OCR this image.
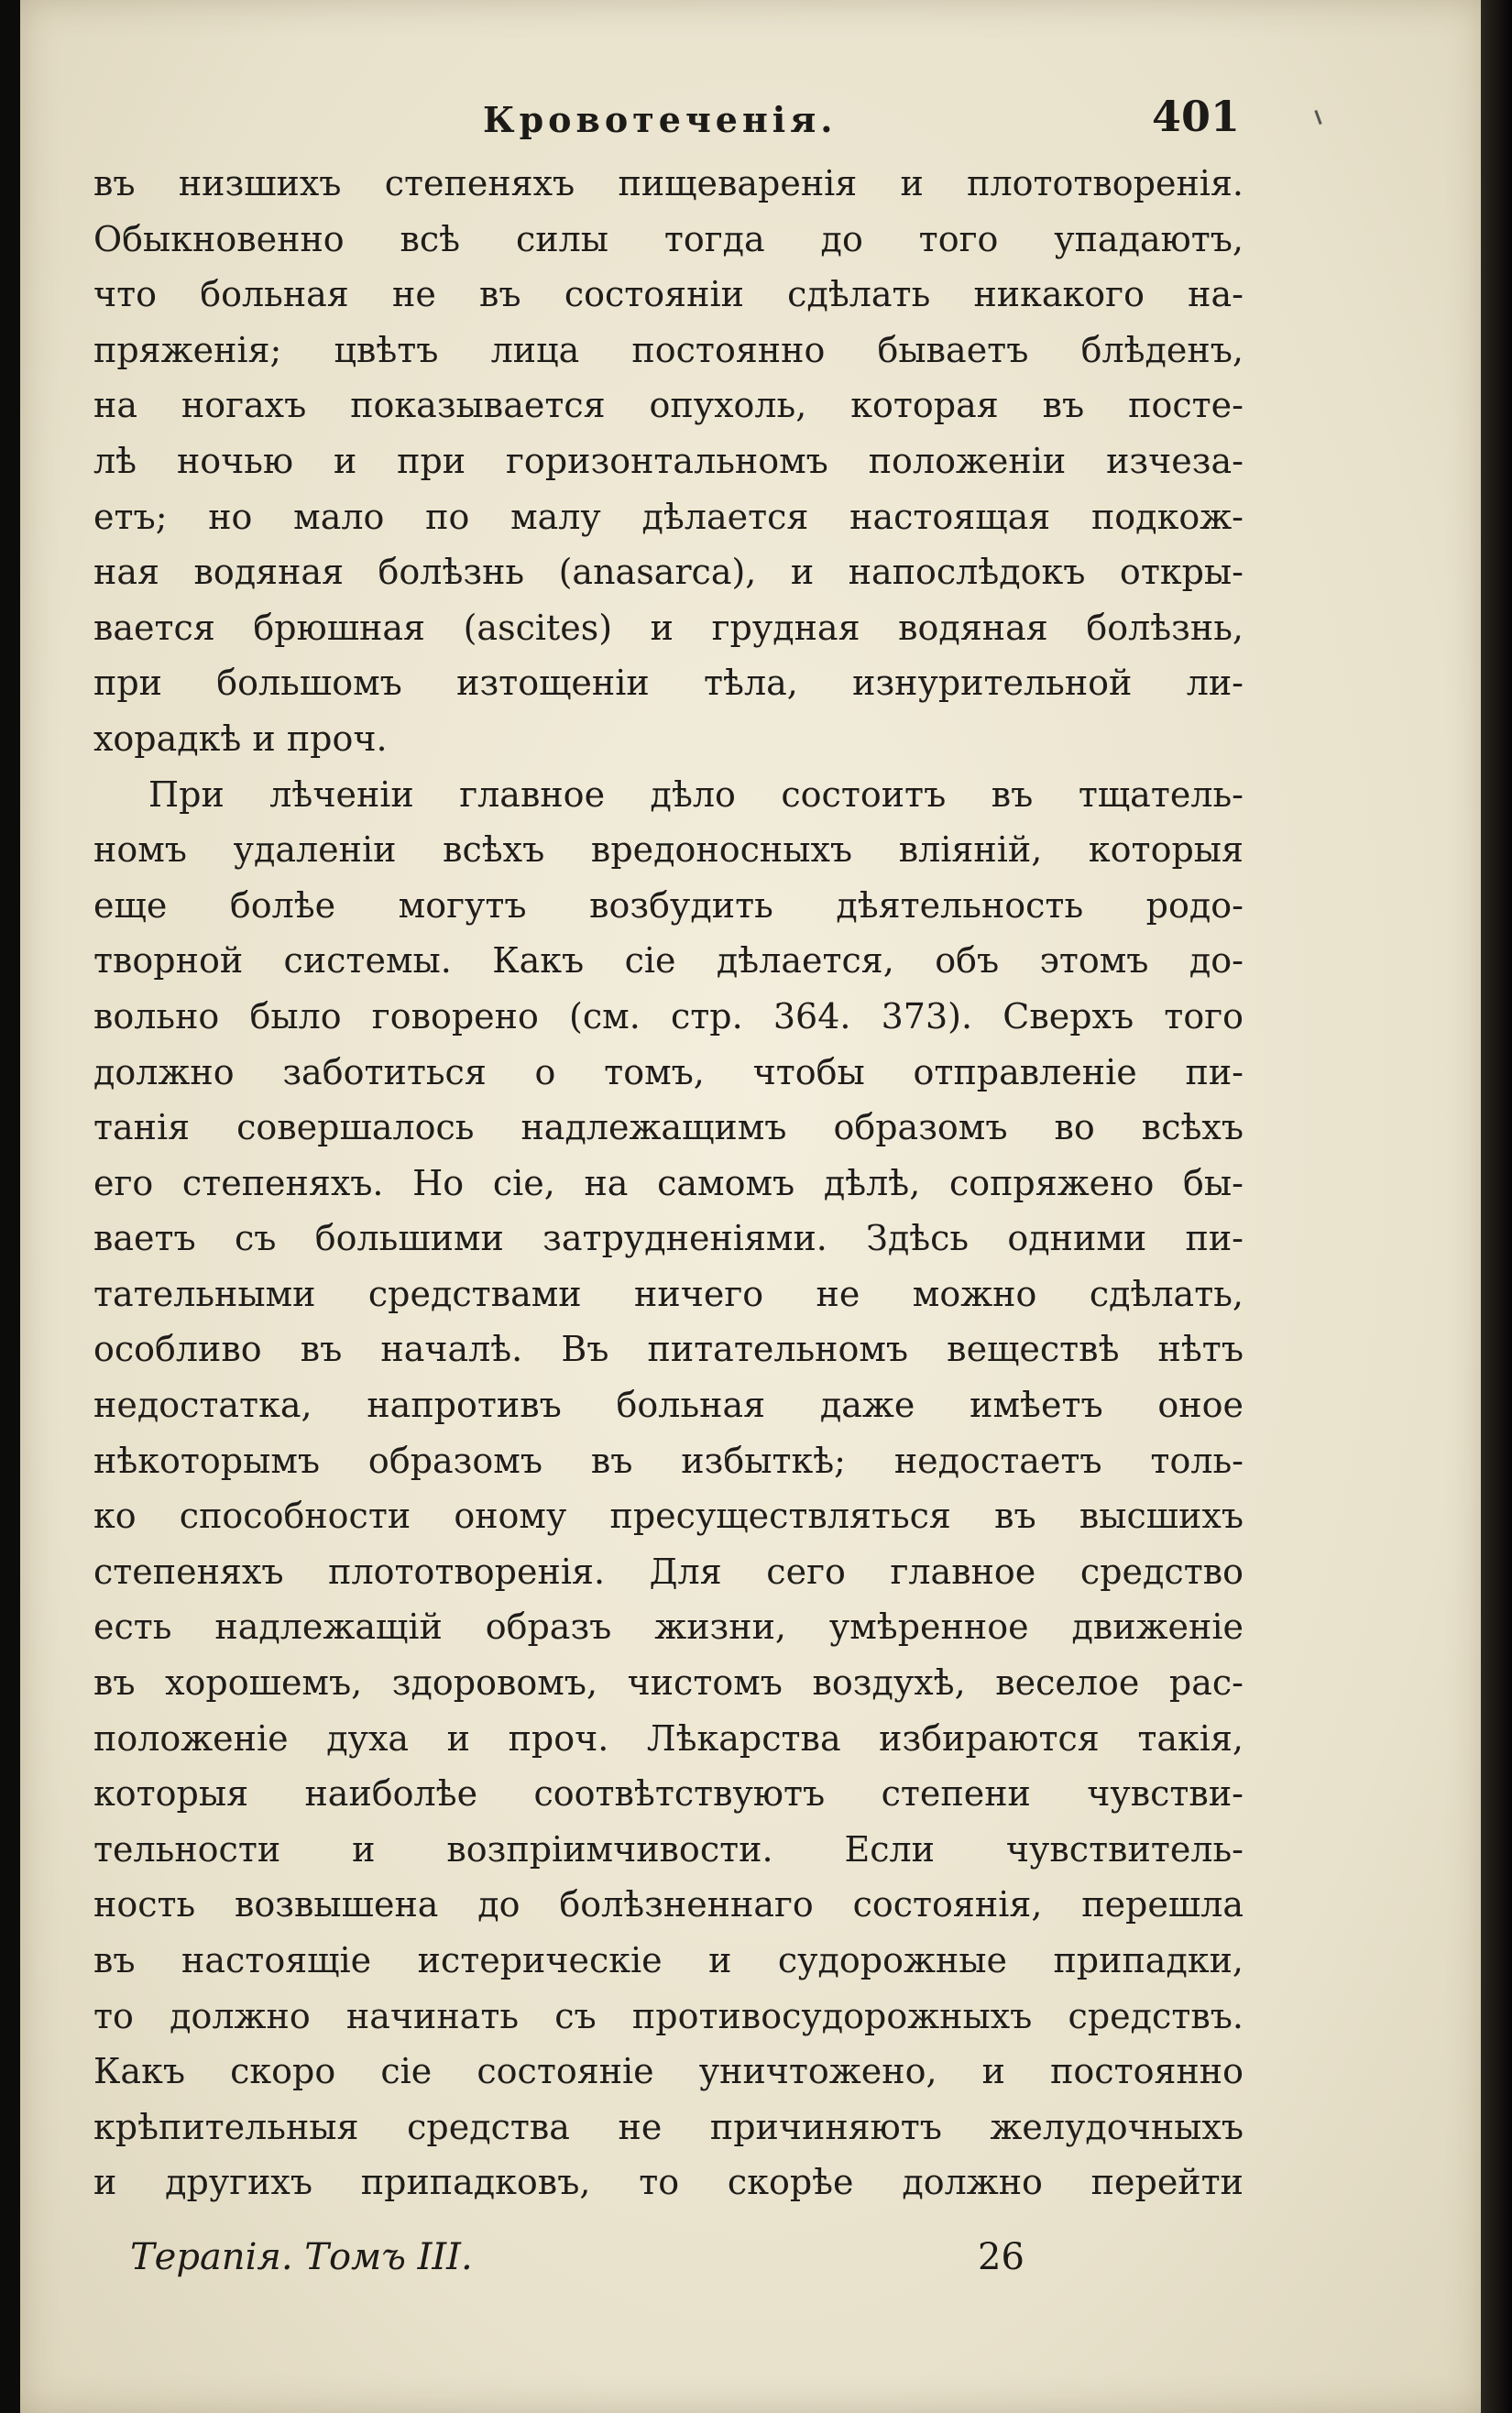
Кровотеченія.	401
въ низшихъ степеняхъ пищеваренія и плототворенія.
Обыкновенно всѣ силы тогда до того упадаютъ,
что больная не въ состояніи сдѣлать никакого на-
пряженія; цвѣтъ лица постоянно бываетъ блѣденъ,
на ногахъ показывается опухоль, которая въ посте-
лѣ ночью и при горизонтальномъ положеніи изчеза-
етъ; но мало по малу дѣлается настоящая подкож-
ная водяная болѣзнь (anasarca), и напослѣдокъ откры-
вается брюшная (ascites) и грудная водяная болѣзнь,
при большомъ изтощеніи тѣла, изнурительной ли-
хорадкѣ и проч.
При лѣченіи главное дѣло состоитъ въ тщатель-
номъ удаленіи всѣхъ вредоносныхъ вліяній, которыя
еще болѣе могутъ возбудить дѣятельность родо-
творной системы. Какъ сіе дѣлается, объ этомъ до-
вольно было говорено (см. стр. 364. 373). Сверхъ того
должно заботиться о томъ, чтобы отправленіе пи-
танія совершалось надлежащимъ образомъ во всѣхъ
его степеняхъ. Но сіе, на самомъ дѣлѣ, сопряжено бы-
ваетъ съ большими затрудненіями. Здѣсь одними пи-
тательными средствами ничего не можно сдѣлать,
особливо въ началѣ. Въ питательномъ веществѣ нѣтъ
недостатка, напротивъ больная даже имѣетъ оное
нѣкоторымъ образомъ въ избыткѣ; недостаетъ толь-
ко способности оному пресуществляться въ высшихъ
степеняхъ плототворенія. Для сего главное средство
есть надлежащій образъ жизни, умѣренное движеніе
въ хорошемъ, здоровомъ, чистомъ воздухѣ, веселое рас-
положеніе духа и проч. Лѣкарства избираются такія,
которыя наиболѣе соотвѣтствуютъ степени чувстви-
тельности и возпріимчивости. Если чувствитель-
ность возвышена до болѣзненнаго состоянія, перешла
въ настоящіе истерическіе и судорожные припадки,
то должно начинать съ противосудорожныхъ средствъ.
Какъ скоро сіе состояніе уничтожено, и постоянно
крѣпительныя средства не причиняютъ желудочныхъ
и другихъ припадковъ, то скорѣе должно перейти
Терапія. Томъ III.	26
